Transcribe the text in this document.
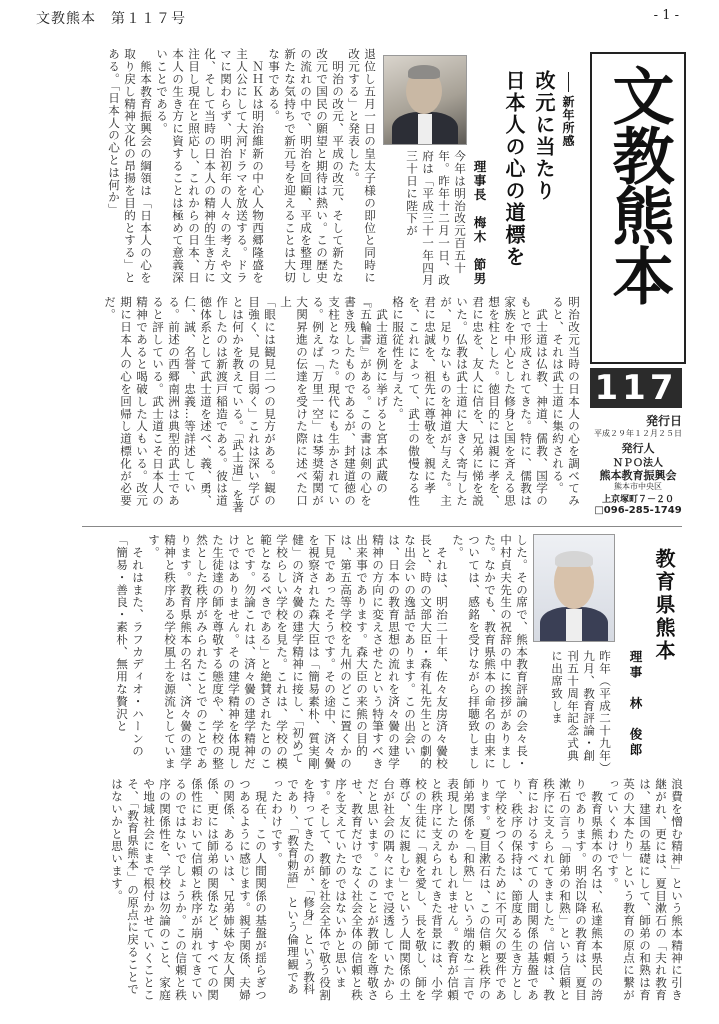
文教熊本　第１１７号	- 1 -

新年所感

改元に当たり
日本人の心の道標を
理事長　梅木　節男
今年は明治改元百五十年。昨年十二月一日、政府は「平成三十一年四月三十日に陛下が
退位し五月一日の皇太子様の即位と同時に改元する」と発表した。
　明治の改元、平成の改元、そして新たな改元で国民の願望と期待は熱い。この歴史の流れの中で、明治を回顧、平成を整理し新たな気持ちで新元号を迎えることは大切な事である。
　ＮＨＫは明治維新の中心人物西郷隆盛を主人公にして大河ドラマを放送する。ドラマに関わらず、明治初年の人々の考えや文化、そして当時の日本人の精神的生き方に注目し現在と照応し、これからの日本、日本人の生き方に資することは極めて意義深いことである。
　熊本教育振興会の綱領は「日本人の心を取り戻し精神文化の昂揚を目的とする」とある。「日本人の心とは何か」
明治改元当時の日本人の心を調べてみると、それは武士道に集約される。
　武士道は仏教、神道、儒教、国学のもとで形成されてきた。特に、儒教は家族を中心とした修身と国を斉える思想を柱とした。徳目的には親に孝を、君に忠を、友人に信を、兄弟に悌を説いた。仏教は武士道に大きく寄与したが、足りないものを神道が与えた。主君に忠誠を、祖先に尊敬を、親に孝を、これによって、武士の傲慢なる性格に服従性を与えた。
　武士道を例に挙げると宮本武蔵の『五輪書』がある。この書は剣の心を書き残したものであるが、封建道徳の支柱となった。現代にも生かされている。例えば「万里一空」は琴奨菊関が大関昇進の伝達を受けた際に述べた口上
「眼には観見二つの見方がある。観の目強く、見の目弱く」これは深い学びとは何かを教えている。「武士道」を著作したのは新渡戸稲造である。彼は道徳体系として武士道を述べ、義、勇、仁、誠、名誉、忠義…等詳述している。前述の西郷南洲は典型的武士であると評している。武士道こそ日本人の精神であると喝破した人もいる。改元期に日本人の心を回帰し道標化が必要だ。
文教熊本
117
発行日
平成２９年１２月２５日
発行人
ＮＰＯ法人
熊本教育振興会
熊本市中央区
上京塚町７－２０
□096-285-1749
教育県熊本
理事　林　俊郎
昨年（平成二十九年）九月、教育評論・創刊五十周年記念式典に出席致しま
した。その席で、熊本教育評論の会々長・中村貞夫先生の祝辞の中に挨拶がありました。なかでも、教育県熊本の命名の由来については、感銘を受けながら拝聴致しました。
　それは、明治二十年、佐々友房済々黌校長と、時の文部大臣・森有礼先生との劇的な出会いの逸話であります。この出会いは、日本の教育思想の流れを済々黌の建学精神の方向に変えさせたという特筆すべき出来事であります。森大臣の来熊の目的は、第五高等学校を九州のどこに置くかの下見であったそうです。その途中、済々黌を視察された森大臣は「簡易素朴、質実剛健」の済々黌の建学精神に接し、「初めて学校らしい学校を見た。これは、学校の模範となるべきである」と絶賛されたとのことです。勿論これは、済々黌の建学精神だけではありません。その建学精神を体現した生徒達の師を尊敬する態度や、学校の整然とした秩序がみられたことでのことであります。教育県熊本の名は、済々黌の建学精神と秩序ある学校風土を源流としています。
　それはまた、ラフカディオ・ハーンの「簡易・善良・素朴、無用な贅沢と
浪費を憎む精神」という熊本精神に引き継がれ、更には、夏目漱石の「夫れ教育は、建国の基礎にして、師弟の和熟は育英の大本たり」という教育の原点に繋がっていくわけです。
　教育県熊本の名は、私達熊本県民の誇りであります。明治以降の教育は、夏目漱石の言う「師弟の和熟」という信頼と秩序に支えられてきました。信頼は、教育におけるすべての人間関係の基盤であり、秩序の保持は、節度ある生き方として学校をつくるために不可欠の要件であります。夏目漱石は、この信頼と秩序の師弟関係を「和熟」という端的な一言で表現したのかもしれません。教育が信頼と秩序に支えられてきた背景には、小学校の生徒に「親を愛し、長を敬し、師を尊び、友に親しむ」という人間関係の土台が社会の隅々にまで浸透していたからだと思います。このことが教師を尊敬させ、教育だけでなく社会全体の信頼と秩序を支えていたのではないかと思います。そして、教師を社会全体で敬う役割を持ってきたのが、「修身」という教科であり、「教育勅語」という倫理観であったわけです。
　現在、この人間関係の基盤が揺らぎつつあるように感じます。親子関係、夫婦の関係、あるいは、兄弟姉妹や友人関係、更には師弟の関係など、すべての関係性において信頼と秩序が崩れてきているのではないでしょうか。この信頼と秩序の関係性を、学校は勿論のこと、家庭や地域社会にまで根付かせていくことこそ、「教育県熊本」の原点に戻ることではないかと思います。
